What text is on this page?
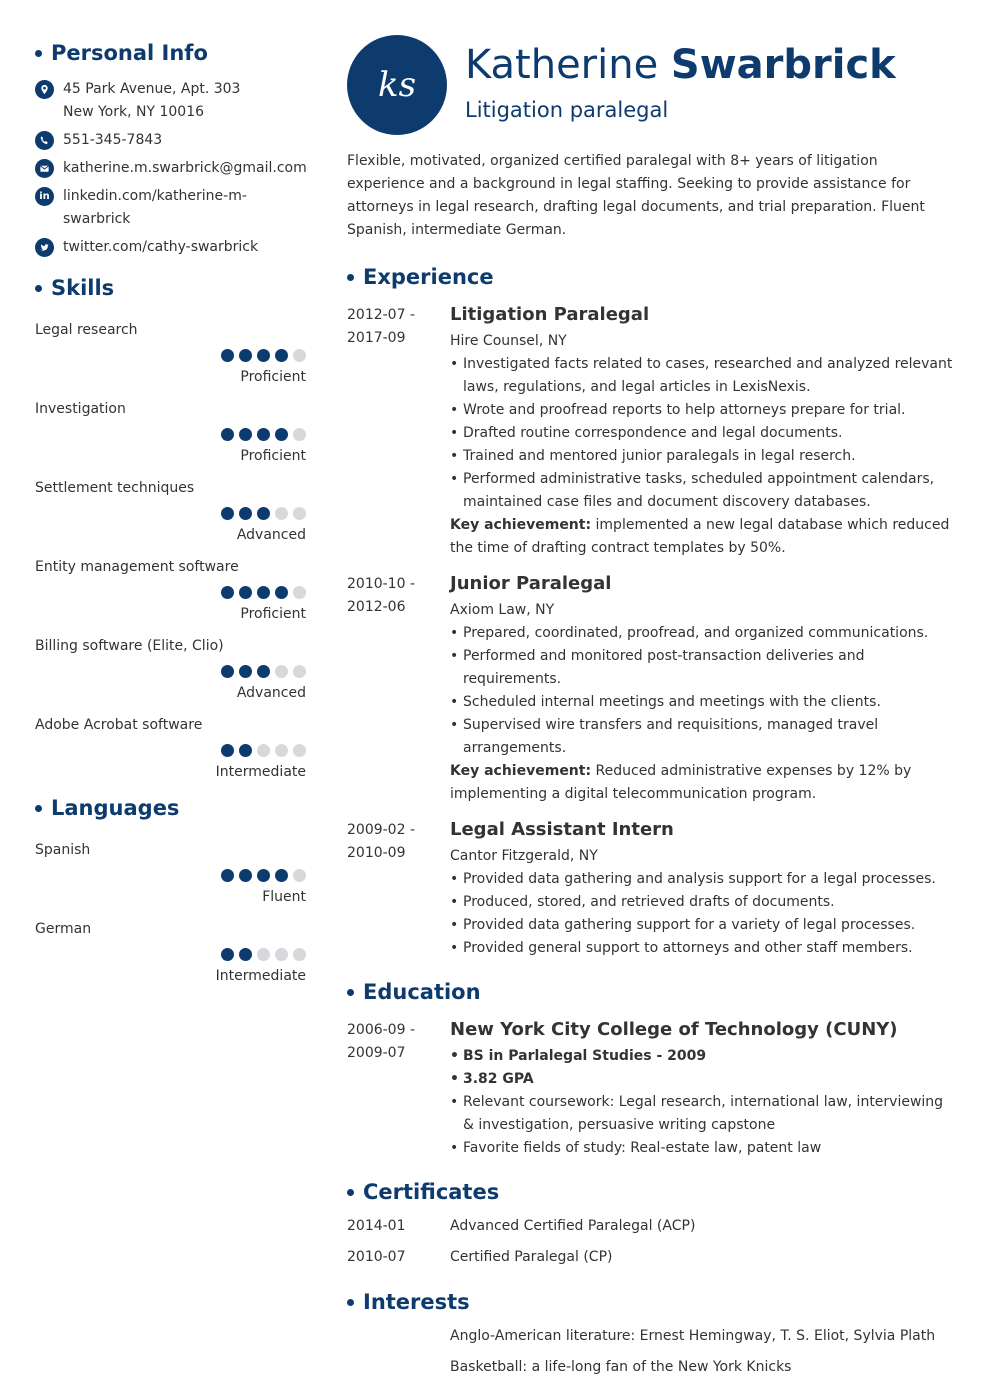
Personal Info
45 Park Avenue, Apt. 303
New York, NY 10016
551-345-7843
katherine.m.swarbrick@gmail.com
in linkedin.com/katherine-m-swarbrick
twitter.com/cathy-swarbrick
Skills
Legal research
Proficient
Investigation
Proficient
Settlement techniques
Advanced
Entity management software
Proficient
Billing software (Elite, Clio)
Advanced
Adobe Acrobat software
Intermediate
Languages
Spanish
Fluent
German
Intermediate
ks Katherine Swarbrick
Litigation paralegal

Flexible, motivated, organized certified paralegal with 8+ years of litigation experience and a background in legal staffing. Seeking to provide assistance for attorneys in legal research, drafting legal documents, and trial preparation. Fluent Spanish, intermediate German.

Experience
2012-07 -
2017-09
Litigation Paralegal
Hire Counsel, NY
• Investigated facts related to cases, researched and analyzed relevant laws, regulations, and legal articles in LexisNexis.
• Wrote and proofread reports to help attorneys prepare for trial.
• Drafted routine correspondence and legal documents.
• Trained and mentored junior paralegals in legal reserch.
• Performed administrative tasks, scheduled appointment calendars, maintained case files and document discovery databases.
Key achievement: implemented a new legal database which reduced the time of drafting contract templates by 50%.
2010-10 -
2012-06
Junior Paralegal
Axiom Law, NY
• Prepared, coordinated, proofread, and organized communications.
• Performed and monitored post-transaction deliveries and requirements.
• Scheduled internal meetings and meetings with the clients.
• Supervised wire transfers and requisitions, managed travel arrangements.
Key achievement: Reduced administrative expenses by 12% by implementing a digital telecommunication program.
2009-02 -
2010-09
Legal Assistant Intern
Cantor Fitzgerald, NY
• Provided data gathering and analysis support for a legal processes.
• Produced, stored, and retrieved drafts of documents.
• Provided data gathering support for a variety of legal processes.
• Provided general support to attorneys and other staff members.
Education
2006-09 -
2009-07
New York City College of Technology (CUNY)
• BS in Parlalegal Studies - 2009
• 3.82 GPA
• Relevant coursework: Legal research, international law, interviewing & investigation, persuasive writing capstone
• Favorite fields of study: Real-estate law, patent law
Certificates
2014-01	Advanced Certified Paralegal (ACP)
2010-07	Certified Paralegal (CP)
Interests
Anglo-American literature: Ernest Hemingway, T. S. Eliot, Sylvia Plath
Basketball: a life-long fan of the New York Knicks
